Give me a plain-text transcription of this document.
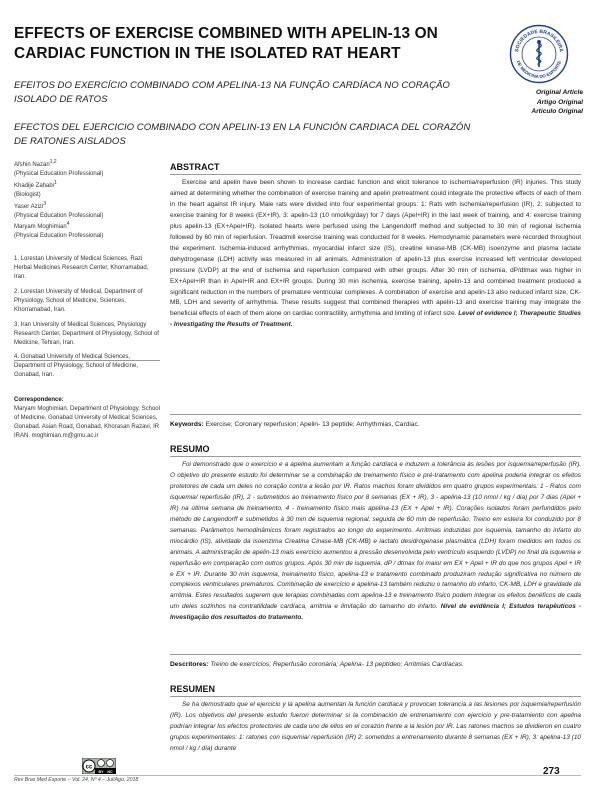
EFFECTS OF EXERCISE COMBINED WITH APELIN-13 ON CARDIAC FUNCTION IN THE ISOLATED RAT HEART
EFEITOS DO EXERCÍCIO COMBINADO COM APELINA-13 NA FUNÇÃO CARDÍACA NO CORAÇÃO ISOLADO DE RATOS
EFECTOS DEL EJERCICIO COMBINADO CON APELIN-13 EN LA FUNCIÓN CARDIACA DEL CORAZÓN DE RATONES AISLADOS
SOCIEDADE BRASILEIRA
DE MEDICINA DO ESPORTE
Original Article
Artigo Original
Artículo Original
Afshin Nazari$^{1,2}$
(Physical Education Professional)
Khadije Zahabi$^1$
(Biologist)
Yaser Azizi$^3$
(Physical Education Professional)
Maryam Moghimian$^4$
(Physical Education Professional)
1. Lorestan University of Medical Sciences, Razi Herbal Medicines Research Center, Khorramabad, Iran.
2. Lorestan University of Medical, Department of Physiology, School of Medicine, Sciences, Khorramabad, Iran.
3. Iran University of Medical Sciences, Physiology Research Center, Department of Physiology, School of Medicine, Tehran, Iran.
4. Gonabad University of Medical Sciences, Department of Physiology, School of Medicine, Gonabad, Iran.
Correspondence:
Maryam Moghimian. Department of Physiology, School of Medicine, Gonabad University of Medical Sciences, Gonabad. Asian Road, Gonabad, Khorasan Razavi, IR IRAN. moghimian.m@gmu.ac.ir
ABSTRACT

Exercise and apelin have been shown to increase cardiac function and elicit tolerance to ischemia/reperfusion (IR) injuries. This study aimed at determining whether the combination of exercise training and apelin pretreatment could integrate the protective effects of each of them in the heart against IR injury. Male rats were divided into four experimental groups: 1: Rats with ischemia/reperfusion (IR), 2: subjected to exercise training for 8 weeks (EX+IR), 3: apelin-13 (10 nmol/kg/day) for 7 days (Apel+IR) in the last week of training, and 4: exercise training plus apelin-13 (EX+Apel+IR). Isolated hearts were perfused using the Langendorff method and subjected to 30 min of regional ischemia followed by 60 min of reperfusion. Treadmill exercise training was conducted for 8 weeks. Hemodynamic parameters were recorded throughout the experiment. Ischemia-induced arrhythmias, myocardial infarct size (IS), creatine kinase-MB (CK-MB) isoenzyme and plasma lactate dehydrogenase (LDH) activity was measured in all animals. Administration of apelin-13 plus exercise increased left ventricular developed pressure (LVDP) at the end of ischemia and reperfusion compared with other groups. After 30 min of ischemia, dP/dtmax was higher in EX+Apel+IR than in Apel+IR and EX+IR groups. During 30 min ischemia, exercise training, apelin-13 and combined treatment produced a significant reduction in the numbers of premature ventricular complexes. A combination of exercise and apelin-13 also reduced infarct size, CK-MB, LDH and severity of arrhythmia. These results suggest that combined therapies with apelin-13 and exercise training may integrate the beneficial effects of each of them alone on cardiac contractility, arrhythmia and limiting of infarct size. Level of evidence I; Therapeutic Studies - Investigating the Results of Treatment.

Keywords: Exercise; Coronary reperfusion; Apelin- 13 peptide; Arrhythmias, Cardiac.
RESUMO

Foi demonstrado que o exercício e a apelina aumentam a função cardíaca e induzem a tolerância às lesões por isquemia/reperfusão (IR). O objetivo do presente estudo foi determinar se a combinação de treinamento físico e pré-tratamento com apelina poderia integrar os efeitos protetores de cada um deles no coração contra a lesão por IR. Ratos machos foram divididos em quatro grupos experimentais: 1 - Ratos com isquemia/ reperfusão (IR), 2 - submetidos ao treinamento físico por 8 semanas (EX + IR), 3 - apelina-13 (10 nmol / kg / dia) por 7 dias (Apel + IR) na última semana de treinamento, 4 - treinamento físico mais apelina-13 (EX + Apel + IR). Corações isolados foram perfundidos pelo método de Langendorff e submetidos à 30 min de isquemia regional, seguida de 60 min de reperfusão. Treino em esteira foi conduzido por 8 semanas. Parâmetros hemodinâmicos foram registrados ao longo do experimento. Arritmias induzidas por isquemia, tamanho do infarto do miocárdio (IS), atividade da isoenzima Creatina Cinase-MB (CK-MB) e lactato desidrogenase plasmática (LDH) foram medidos em todos os animais. A administração de apelin-13 mais exercício aumentou a pressão desenvolvida pelo ventrículo esquerdo (LVDP) no final da isquemia e reperfusão em comparação com outros grupos. Após 30 min de isquemia, dP / dtmax foi maior em EX + Apel + IR do que nos grupos Apel + IR e EX + IR. Durante 30 min isquemia, treinamento físico, apelina-13 e tratamento combinado produziram redução significativa no número de complexos ventriculares prematuros. Combinação de exercício e apelina-13 também reduziu o tamanho do infarto, CK-MB, LDH e gravidade da arritmia. Estes resultados sugerem que terapias combinadas com apelina-13 e treinamento físico podem integrar os efeitos benéficos de cada um deles sozinhos na contratilidade cardíaca, arritmia e limitação do tamanho do infarto. Nível de evidência I; Estudos terapêuticos - Investigação dos resultados do tratamento.

Descritores: Treino de exercícios; Reperfusão coronária; Apelina- 13 peptídeo; Arritmias Cardíacas.
RESUMEN

Se ha demostrado que el ejercicio y la apelina aumentan la función cardíaca y provocan tolerancia a las lesiones por isquemia/reperfusión (IR). Los objetivos del presente estudio fueron determinar si la combinación de entrenamiento con ejercicio y pre-tratamiento con apelina podrían integrar los efectos protectores de cada uno de ellos en el corazón frente a la lesión por IR. Las ratones machos se dividieron en cuatro grupos experimentales: 1: ratones con isquemia/ reperfusión (IR) 2: sometidos a entrenamiento durante 8 semanas (EX + IR), 3: apelina-13 (10 nmol / kg / día) durante

cc
BY NC
Rev Bras Med Esporte – Vol. 24, Nº 4 – Jul/Ago, 2018
273
